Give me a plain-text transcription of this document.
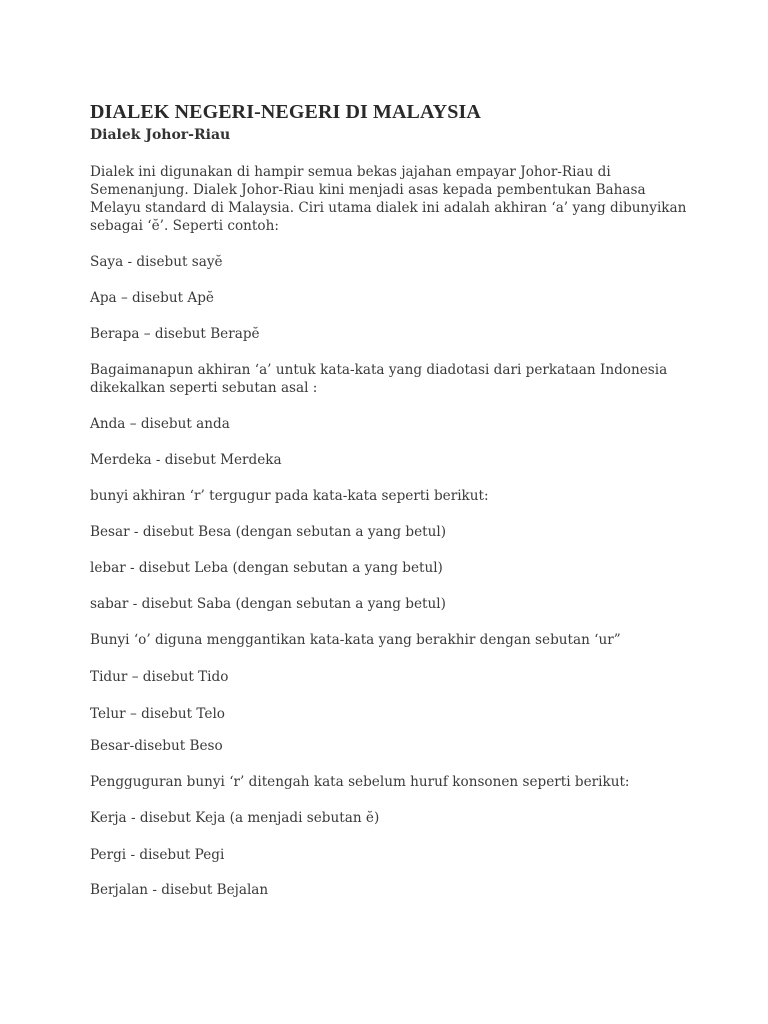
DIALEK NEGERI-NEGERI DI MALAYSIA
Dialek Johor-Riau

Dialek ini digunakan di hampir semua bekas jajahan empayar Johor-Riau di
Semenanjung. Dialek Johor-Riau kini menjadi asas kepada pembentukan Bahasa
Melayu standard di Malaysia. Ciri utama dialek ini adalah akhiran ‘a’ yang dibunyikan
sebagai ‘ĕ’. Seperti contoh:

Saya - disebut sayĕ

Apa – disebut Apĕ

Berapa – disebut Berapĕ

Bagaimanapun akhiran ‘a’ untuk kata-kata yang diadotasi dari perkataan Indonesia
dikekalkan seperti sebutan asal :

Anda – disebut anda

Merdeka - disebut Merdeka

bunyi akhiran ‘r’ tergugur pada kata-kata seperti berikut:

Besar - disebut Besa (dengan sebutan a yang betul)

lebar - disebut Leba (dengan sebutan a yang betul)

sabar - disebut Saba (dengan sebutan a yang betul)

Bunyi ‘o’ diguna menggantikan kata-kata yang berakhir dengan sebutan ‘ur”

Tidur – disebut Tido

Telur – disebut Telo

Besar-disebut Beso

Pengguguran bunyi ‘r’ ditengah kata sebelum huruf konsonen seperti berikut:

Kerja - disebut Keja (a menjadi sebutan ĕ)

Pergi - disebut Pegi

Berjalan - disebut Bejalan
